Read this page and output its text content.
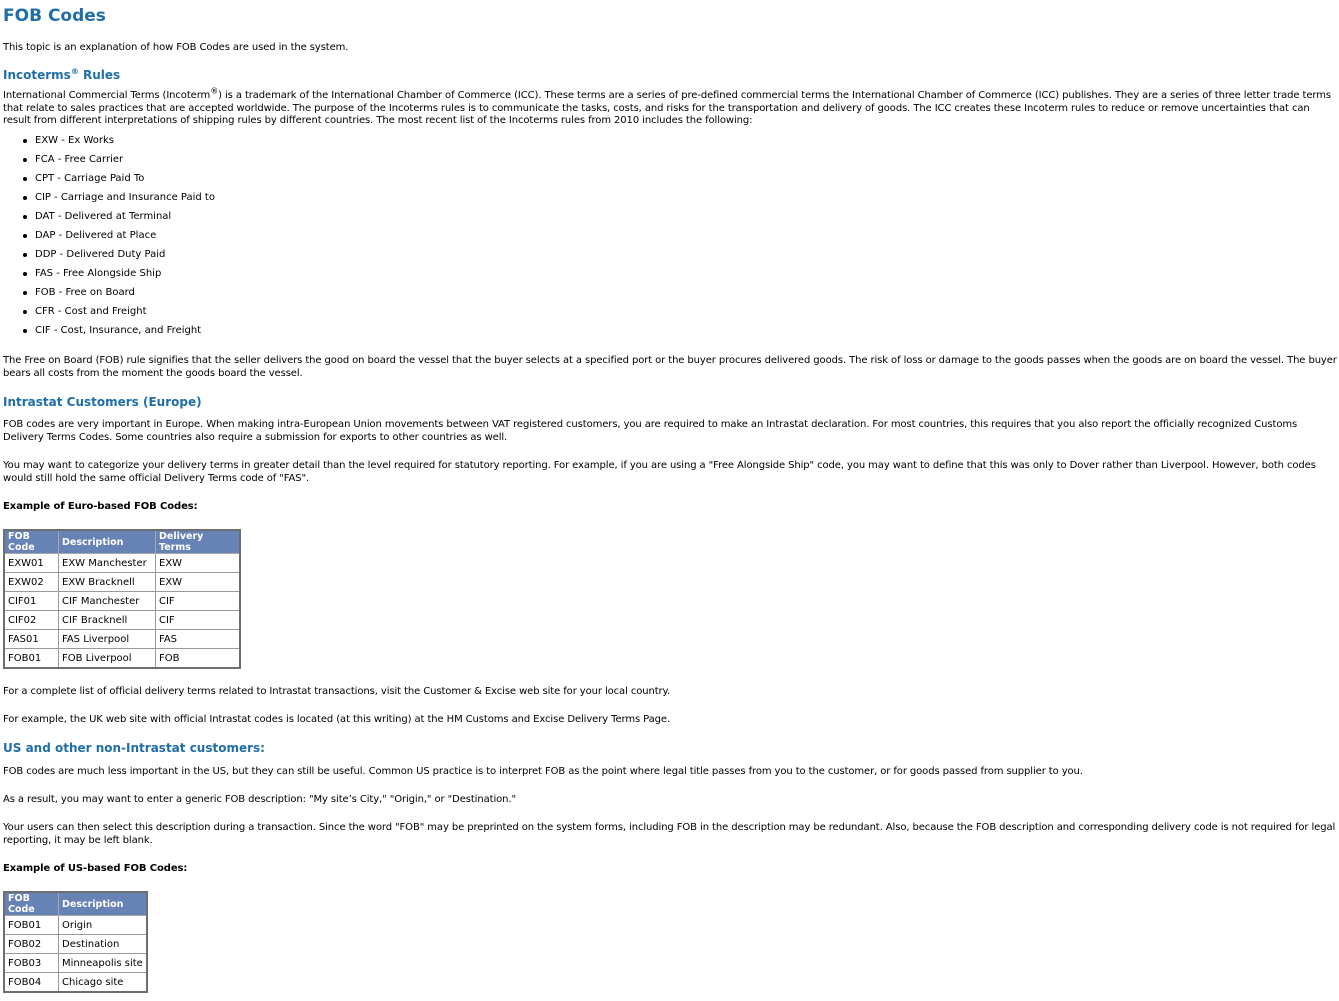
FOB Codes

This topic is an explanation of how FOB Codes are used in the system.

Incoterms® Rules

International Commercial Terms (Incoterm®) is a trademark of the International Chamber of Commerce (ICC). These terms are a series of pre-defined commercial terms the International Chamber of Commerce (ICC) publishes. They are a series of three letter trade terms that relate to sales practices that are accepted worldwide. The purpose of the Incoterms rules is to communicate the tasks, costs, and risks for the transportation and delivery of goods. The ICC creates these Incoterm rules to reduce or remove uncertainties that can result from different interpretations of shipping rules by different countries. The most recent list of the Incoterms rules from 2010 includes the following:

EXW - Ex Works
FCA - Free Carrier
CPT - Carriage Paid To
CIP - Carriage and Insurance Paid to
DAT - Delivered at Terminal
DAP - Delivered at Place
DDP - Delivered Duty Paid
FAS - Free Alongside Ship
FOB - Free on Board
CFR - Cost and Freight
CIF - Cost, Insurance, and Freight

The Free on Board (FOB) rule signifies that the seller delivers the good on board the vessel that the buyer selects at a specified port or the buyer procures delivered goods. The risk of loss or damage to the goods passes when the goods are on board the vessel. The buyer bears all costs from the moment the goods board the vessel.

Intrastat Customers (Europe)

FOB codes are very important in Europe. When making intra-European Union movements between VAT registered customers, you are required to make an Intrastat declaration. For most countries, this requires that you also report the officially recognized Customs Delivery Terms Codes. Some countries also require a submission for exports to other countries as well.

You may want to categorize your delivery terms in greater detail than the level required for statutory reporting. For example, if you are using a "Free Alongside Ship" code, you may want to define that this was only to Dover rather than Liverpool. However, both codes would still hold the same official Delivery Terms code of "FAS".

Example of Euro-based FOB Codes:

FOB Code	Description	Delivery Terms
EXW01	EXW Manchester	EXW
EXW02	EXW Bracknell	EXW
CIF01	CIF Manchester	CIF
CIF02	CIF Bracknell	CIF
FAS01	FAS Liverpool	FAS
FOB01	FOB Liverpool	FOB

For a complete list of official delivery terms related to Intrastat transactions, visit the Customer & Excise web site for your local country.

For example, the UK web site with official Intrastat codes is located (at this writing) at the HM Customs and Excise Delivery Terms Page.

US and other non-Intrastat customers:

FOB codes are much less important in the US, but they can still be useful. Common US practice is to interpret FOB as the point where legal title passes from you to the customer, or for goods passed from supplier to you.

As a result, you may want to enter a generic FOB description: "My site’s City," "Origin," or "Destination."

Your users can then select this description during a transaction. Since the word "FOB" may be preprinted on the system forms, including FOB in the description may be redundant. Also, because the FOB description and corresponding delivery code is not required for legal reporting, it may be left blank.

Example of US-based FOB Codes:

FOB Code	Description
FOB01	Origin
FOB02	Destination
FOB03	Minneapolis site
FOB04	Chicago site
